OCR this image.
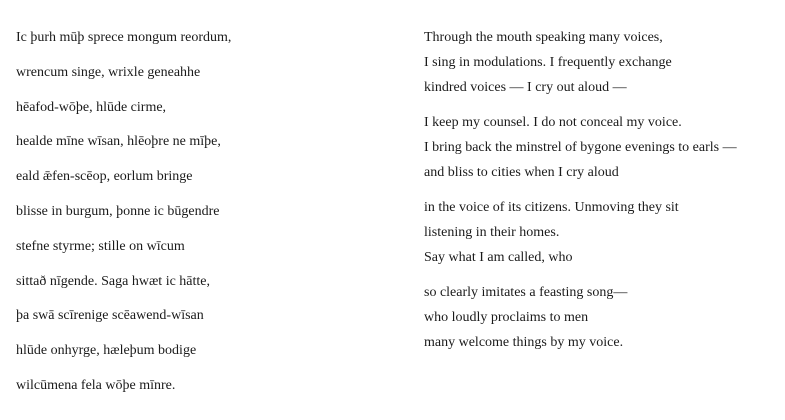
Ic þurh mūþ sprece mongum reordum,
wrencum singe, wrixle geneahhe
hēafod-wōþe, hlūde cirme,
healde mīne wīsan, hlēoþre ne mīþe,
eald ǣfen-scēop, eorlum bringe
blisse in burgum, þonne ic būgendre
stefne styrme; stille on wīcum
sittað nīgende. Saga hwæt ic hātte,
þa swā scīrenige scēawend-wīsan
hlūde onhyrge, hæleþum bodige
wilcūmena fela wōþe mīnre.
Through the mouth speaking many voices,
I sing in modulations. I frequently exchange
kindred voices — I cry out aloud —
I keep my counsel. I do not conceal my voice.
I bring back the minstrel of bygone evenings to earls —
and bliss to cities when I cry aloud
in the voice of its citizens. Unmoving they sit
listening in their homes.
Say what I am called, who
so clearly imitates a feasting song—
who loudly proclaims to men
many welcome things by my voice.
